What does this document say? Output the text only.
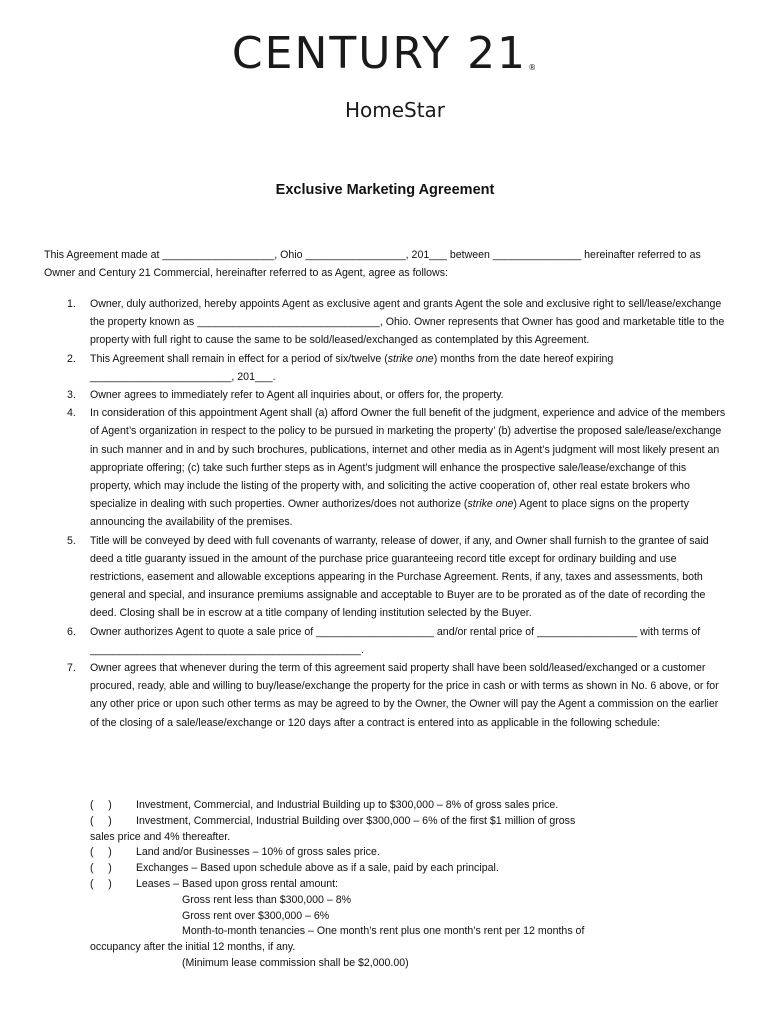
CENTURY 21®
HomeStar
Exclusive Marketing Agreement
This Agreement made at ___________________, Ohio _________________, 201___ between _______________ hereinafter referred to as Owner and Century 21 Commercial, hereinafter referred to as Agent, agree as follows:
1. Owner, duly authorized, hereby appoints Agent as exclusive agent and grants Agent the sole and exclusive right to sell/lease/exchange the property known as _______________________________, Ohio. Owner represents that Owner has good and marketable title to the property with full right to cause the same to be sold/leased/exchanged as contemplated by this Agreement.
2. This Agreement shall remain in effect for a period of six/twelve (strike one) months from the date hereof expiring ________________________, 201___.
3. Owner agrees to immediately refer to Agent all inquiries about, or offers for, the property.
4. In consideration of this appointment Agent shall (a) afford Owner the full benefit of the judgment, experience and advice of the members of Agent’s organization in respect to the policy to be pursued in marketing the property’ (b) advertise the proposed sale/lease/exchange in such manner and in and by such brochures, publications, internet and other media as in Agent’s judgment will most likely present an appropriate offering; (c) take such further steps as in Agent’s judgment will enhance the prospective sale/lease/exchange of this property, which may include the listing of the property with, and soliciting the active cooperation of, other real estate brokers who specialize in dealing with such properties. Owner authorizes/does not authorize (strike one) Agent to place signs on the property announcing the availability of the premises.
5. Title will be conveyed by deed with full covenants of warranty, release of dower, if any, and Owner shall furnish to the grantee of said deed a title guaranty issued in the amount of the purchase price guaranteeing record title except for ordinary building and use restrictions, easement and allowable exceptions appearing in the Purchase Agreement. Rents, if any, taxes and assessments, both general and special, and insurance premiums assignable and acceptable to Buyer are to be prorated as of the date of recording the deed. Closing shall be in escrow at a title company of lending institution selected by the Buyer.
6. Owner authorizes Agent to quote a sale price of ____________________ and/or rental price of _________________ with terms of ______________________________________________.
7. Owner agrees that whenever during the term of this agreement said property shall have been sold/leased/exchanged or a customer procured, ready, able and willing to buy/lease/exchange the property for the price in cash or with terms as shown in No. 6 above, or for any other price or upon such other terms as may be agreed to by the Owner, the Owner will pay the Agent a commission on the earlier of the closing of a sale/lease/exchange or 120 days after a contract is entered into as applicable in the following schedule:
(     ) Investment, Commercial, and Industrial Building up to $300,000 – 8% of gross sales price.
(     ) Investment, Commercial, Industrial Building over $300,000 – 6% of the first $1 million of gross
sales price and 4% thereafter.
(     ) Land and/or Businesses – 10% of gross sales price.
(     ) Exchanges – Based upon schedule above as if a sale, paid by each principal.
(     ) Leases – Based upon gross rental amount:
Gross rent less than $300,000 – 8%
Gross rent over $300,000 – 6%
Month-to-month tenancies – One month’s rent plus one month’s rent per 12 months of
occupancy after the initial 12 months, if any.
(Minimum lease commission shall be $2,000.00)
